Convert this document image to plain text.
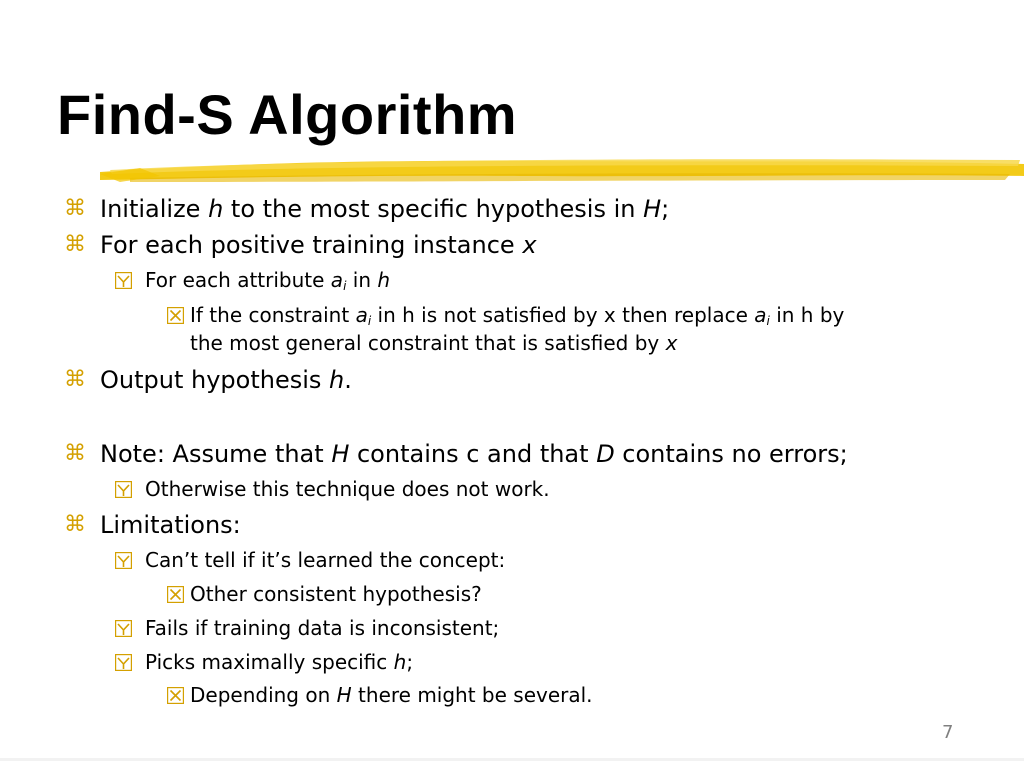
Find-S Algorithm
⌘ Initialize h to the most specific hypothesis in H;
⌘ For each positive training instance x
For each attribute $a_i$ in h
If the constraint $a_i$ in h is not satisfied by x then replace $a_i$ in h by
the most general constraint that is satisfied by x
⌘ Output hypothesis h.
⌘ Note: Assume that H contains c and that D contains no errors;
Otherwise this technique does not work.
⌘ Limitations:
Can’t tell if it’s learned the concept:
Other consistent hypothesis?
Fails if training data is inconsistent;
Picks maximally specific h;
Depending on H there might be several.
7
